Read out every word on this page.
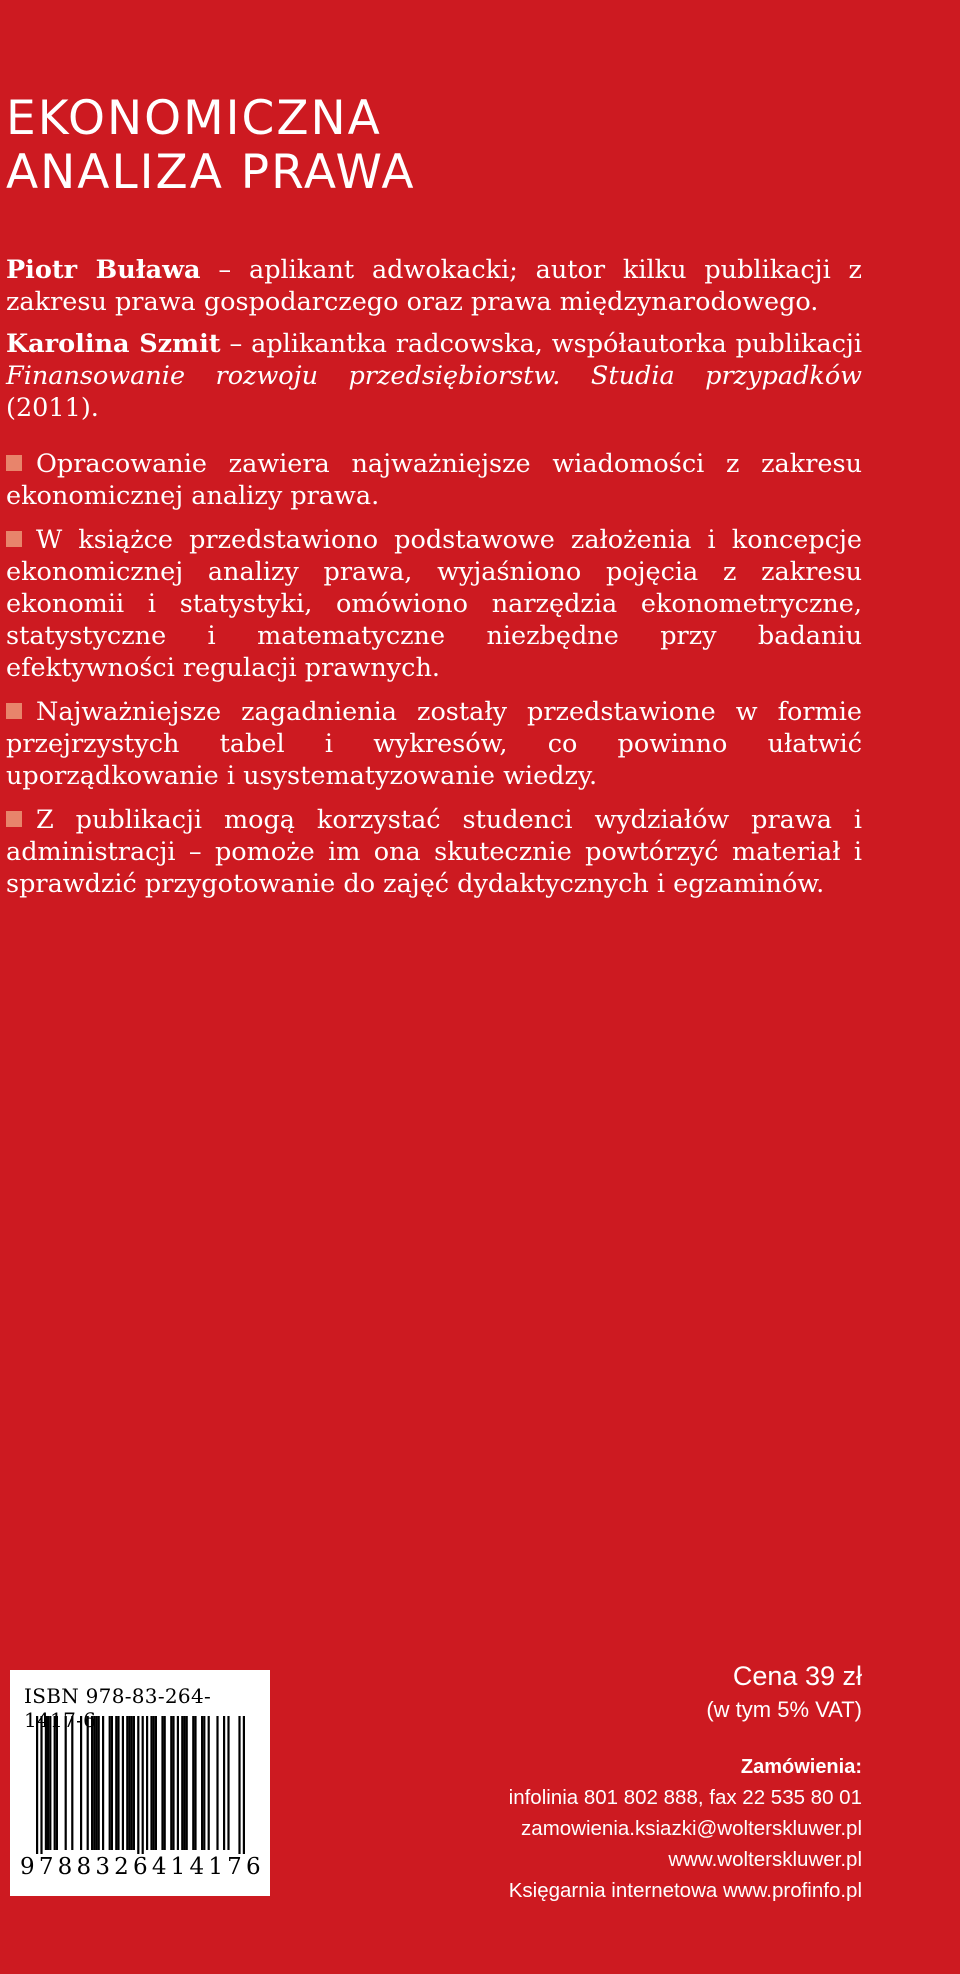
EKONOMICZNA
ANALIZA PRAWA

Piotr Buława – aplikant adwokacki; autor kilku publikacji z zakresu prawa gospodarczego oraz prawa międzynarodowego.

Karolina Szmit – aplikantka radcowska, współautorka publikacji Finansowanie rozwoju przedsiębiorstw. Studia przypadków (2011).

Opracowanie zawiera najważniejsze wiadomości z zakresu ekonomicznej analizy prawa.

W książce przedstawiono podstawowe założenia i koncepcje ekonomicznej analizy prawa, wyjaśniono pojęcia z zakresu ekonomii i statystyki, omówiono narzędzia ekonometryczne, statystyczne i matematyczne niezbędne przy badaniu efektywności regulacji prawnych.

Najważniejsze zagadnienia zostały przedstawione w formie przejrzystych tabel i wykresów, co powinno ułatwić uporządkowanie i usystematyzowanie wiedzy.

Z publikacji mogą korzystać studenci wydziałów prawa i administracji – pomoże im ona skutecznie powtórzyć materiał i sprawdzić przygotowanie do zajęć dydaktycznych i egzaminów.

ISBN 978-83-264-1417-6
9788326414176
Cena 39 zł
(w tym 5% VAT)
Zamówienia:
infolinia 801 802 888, fax 22 535 80 01
zamowienia.ksiazki@wolterskluwer.pl
www.wolterskluwer.pl
Księgarnia internetowa www.profinfo.pl
